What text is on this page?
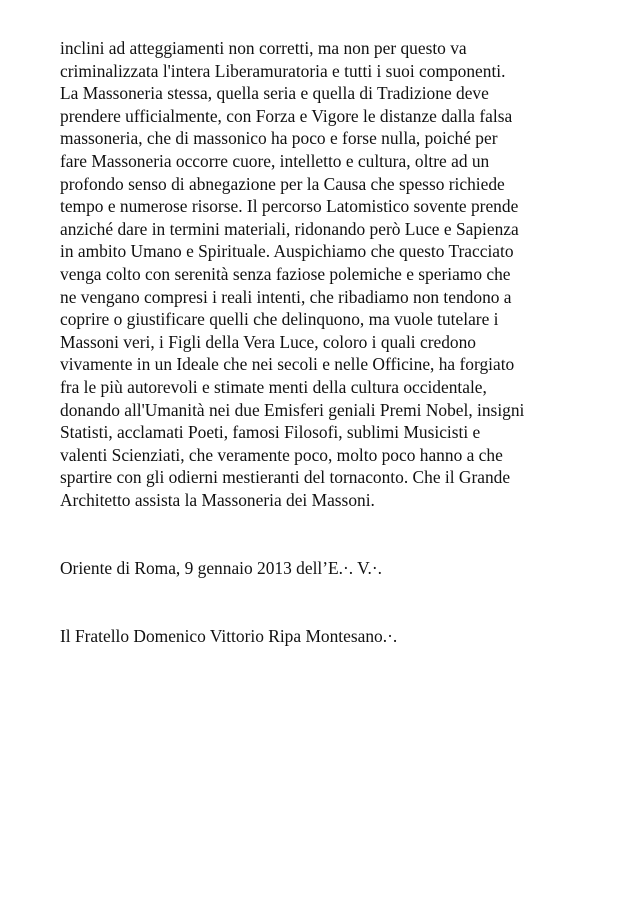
inclini ad atteggiamenti non corretti, ma non per questo va
criminalizzata l'intera Liberamuratoria e tutti i suoi componenti.
La Massoneria stessa, quella seria e quella di Tradizione deve
prendere ufficialmente, con Forza e Vigore le distanze dalla falsa
massoneria, che di massonico ha poco e forse nulla, poiché per
fare Massoneria occorre cuore, intelletto e cultura, oltre ad un
profondo senso di abnegazione per la Causa che spesso richiede
tempo e numerose risorse. Il percorso Latomistico sovente prende
anziché dare in termini materiali, ridonando però Luce e Sapienza
in ambito Umano e Spirituale. Auspichiamo che questo Tracciato
venga colto con serenità senza faziose polemiche e speriamo che
ne vengano compresi i reali intenti, che ribadiamo non tendono a
coprire o giustificare quelli che delinquono, ma vuole tutelare i
Massoni veri, i Figli della Vera Luce, coloro i quali credono
vivamente in un Ideale che nei secoli e nelle Officine, ha forgiato
fra le più autorevoli e stimate menti della cultura occidentale,
donando all'Umanità nei due Emisferi geniali Premi Nobel, insigni
Statisti, acclamati Poeti, famosi Filosofi, sublimi Musicisti e
valenti Scienziati, che veramente poco, molto poco hanno a che
spartire con gli odierni mestieranti del tornaconto. Che il Grande
Architetto assista la Massoneria dei Massoni.
Oriente di Roma, 9 gennaio 2013 dell’E.·. V.·.
Il Fratello Domenico Vittorio Ripa Montesano.·.
